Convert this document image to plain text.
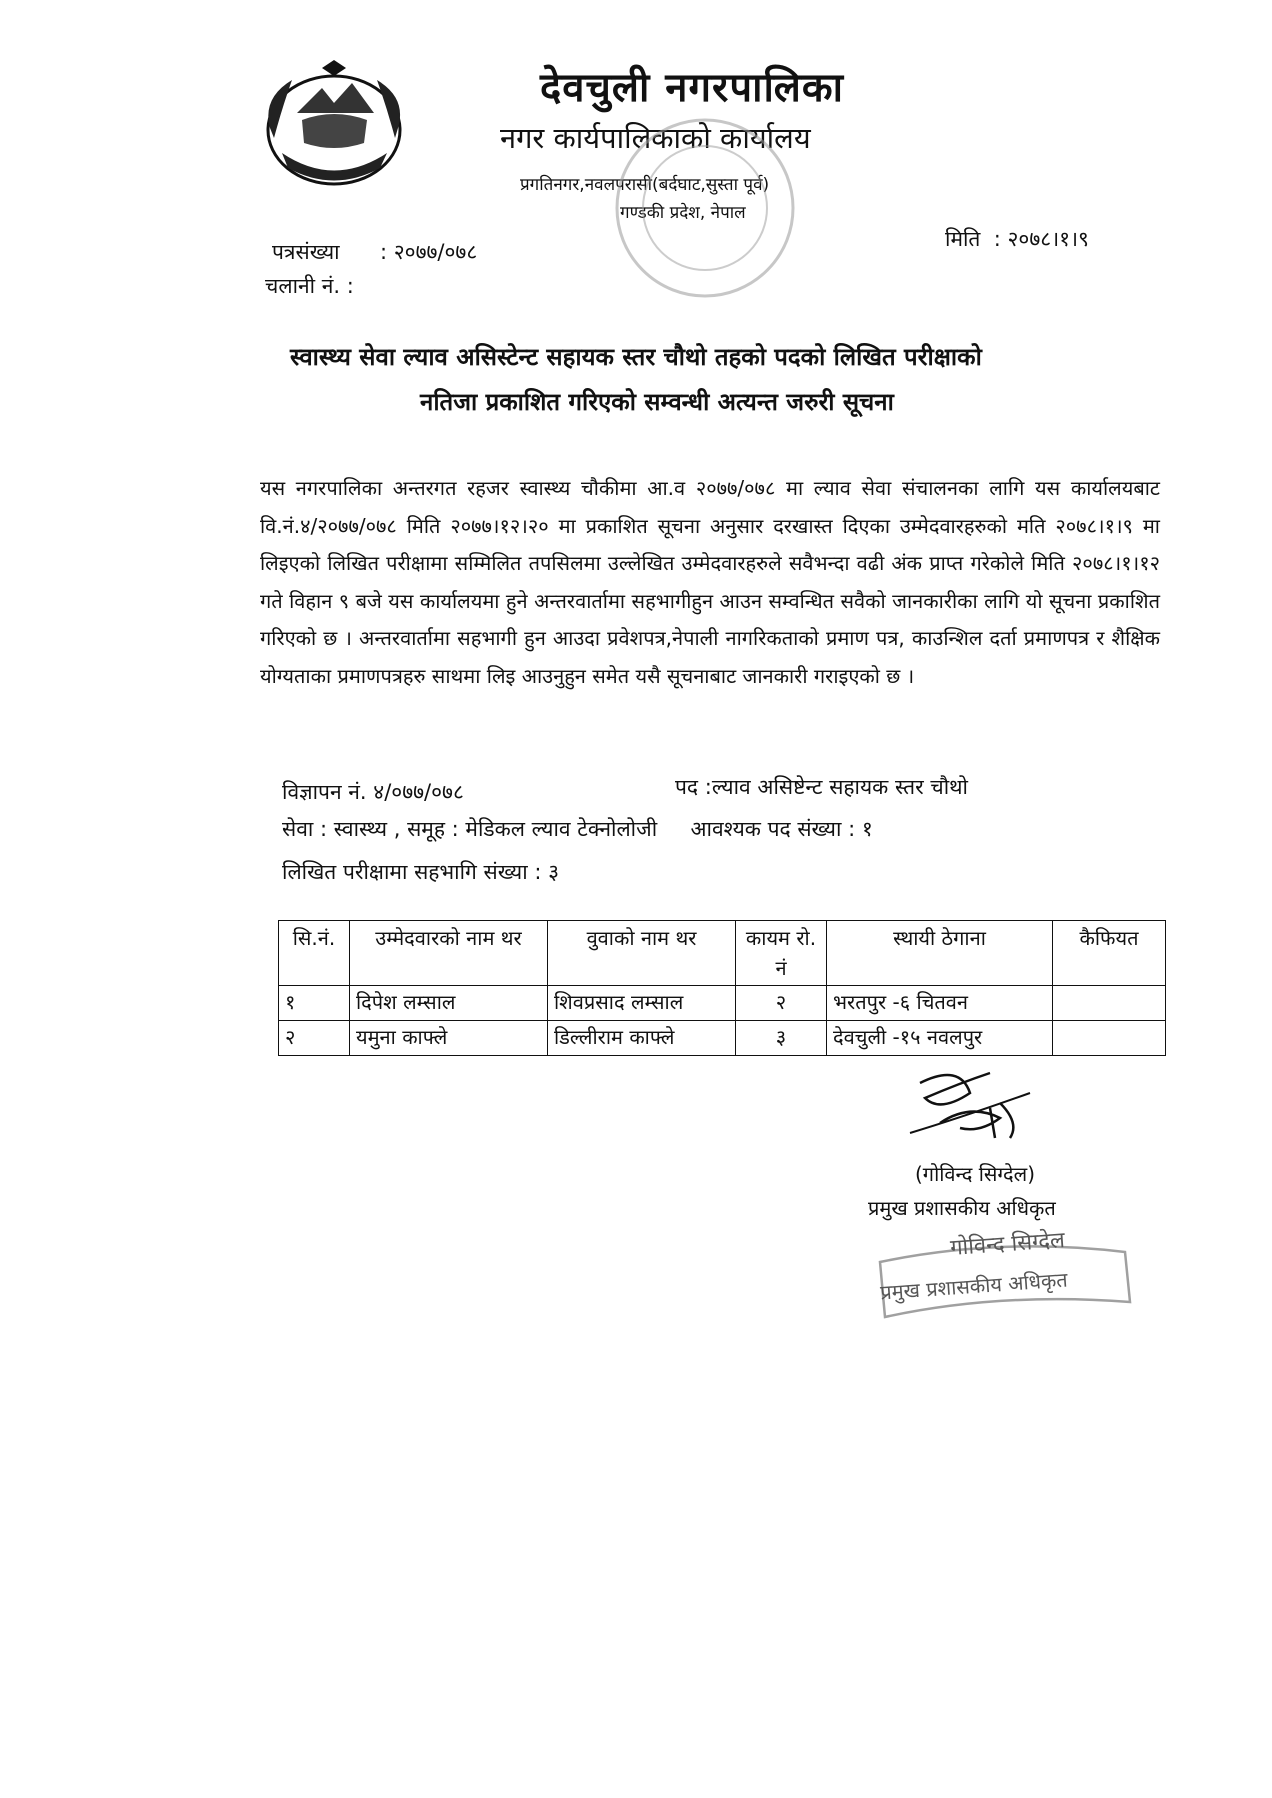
देवचुली नगरपालिका
नगर कार्यपालिकाको कार्यालय
प्रगतिनगर,नवलपरासी(बर्दघाट,सुस्ता पूर्व)
गण्डकी प्रदेश, नेपाल
पत्रसंख्या : २०७७/०७८
चलानी नं. :
मिति : २०७८।१।९
स्वास्थ्य सेवा ल्याव असिस्टेन्ट सहायक स्तर चौथो तहको पदको लिखित परीक्षाको
नतिजा प्रकाशित गरिएको सम्वन्धी अत्यन्त जरुरी सूचना
यस नगरपालिका अन्तरगत रहजर स्वास्थ्य चौकीमा आ.व २०७७/०७८ मा ल्याव सेवा संचालनका लागि यस कार्यालयबाट वि.नं.४/२०७७/०७८ मिति २०७७।१२।२० मा प्रकाशित सूचना अनुसार दरखास्त दिएका उम्मेदवारहरुको मति २०७८।१।९ मा लिइएको लिखित परीक्षामा सम्मिलित तपसिलमा उल्लेखित उम्मेदवारहरुले सवैभन्दा वढी अंक प्राप्त गरेकोले मिति २०७८।१।१२ गते विहान ९ बजे यस कार्यालयमा हुने अन्तरवार्तामा सहभागीहुन आउन सम्वन्धित सवैको जानकारीका लागि यो सूचना प्रकाशित गरिएको छ । अन्तरवार्तामा सहभागी हुन आउदा प्रवेशपत्र,नेपाली नागरिकताको प्रमाण पत्र, काउन्शिल दर्ता प्रमाणपत्र र शैक्षिक योग्यताका प्रमाणपत्रहरु साथमा लिइ आउनुहुन समेत यसै सूचनाबाट जानकारी गराइएको छ ।
विज्ञापन नं. ४/०७७/०७८	पद :ल्याव असिष्टेन्ट सहायक स्तर चौथो
सेवा : स्वास्थ्य , समूह : मेडिकल ल्याव टेक्नोलोजी आवश्यक पद संख्या : १
लिखित परीक्षामा सहभागि संख्या : ३
सि.नं.	उम्मेदवारको नाम थर	वुवाको नाम थर	कायम रो. नं	स्थायी ठेगाना	कैफियत
१	दिपेश लम्साल	शिवप्रसाद लम्साल	२	भरतपुर -६ चितवन	
२	यमुना काफ्ले	डिल्लीराम काफ्ले	३	देवचुली -१५ नवलपुर	
(गोविन्द सिग्देल)
प्रमुख प्रशासकीय अधिकृत
गोविन्द सिग्देल
प्रमुख प्रशासकीय अधिकृत
